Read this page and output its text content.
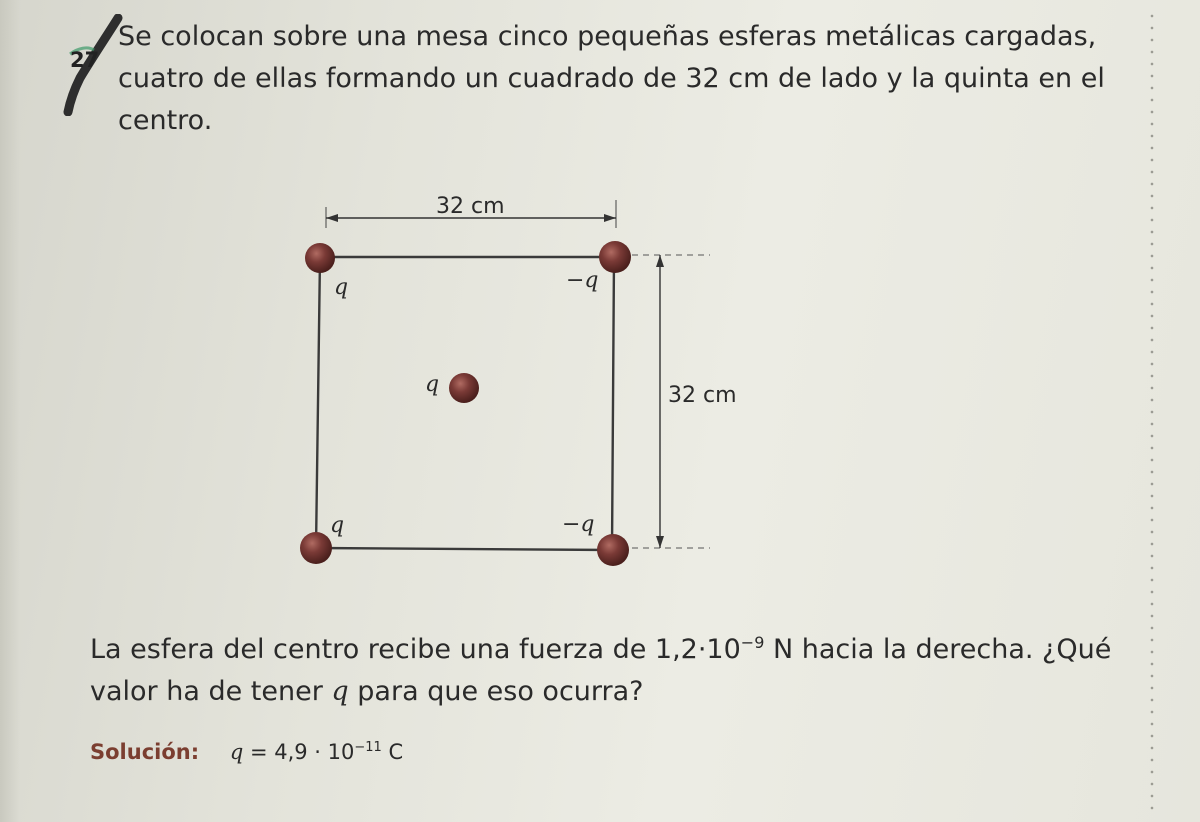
27

Se colocan sobre una mesa cinco pequeñas esferas metálicas cargadas, cuatro de ellas formando un cuadrado de 32 cm de lado y la quinta en el centro.

32 cm
32 cm
q	−q
q
q	−q

La esfera del centro recibe una fuerza de $1,2\cdot 10^{-9}$ N hacia la derecha. ¿Qué valor ha de tener q para que eso ocurra?

Solución: $q = 4,9 \cdot 10^{-11}$ C
